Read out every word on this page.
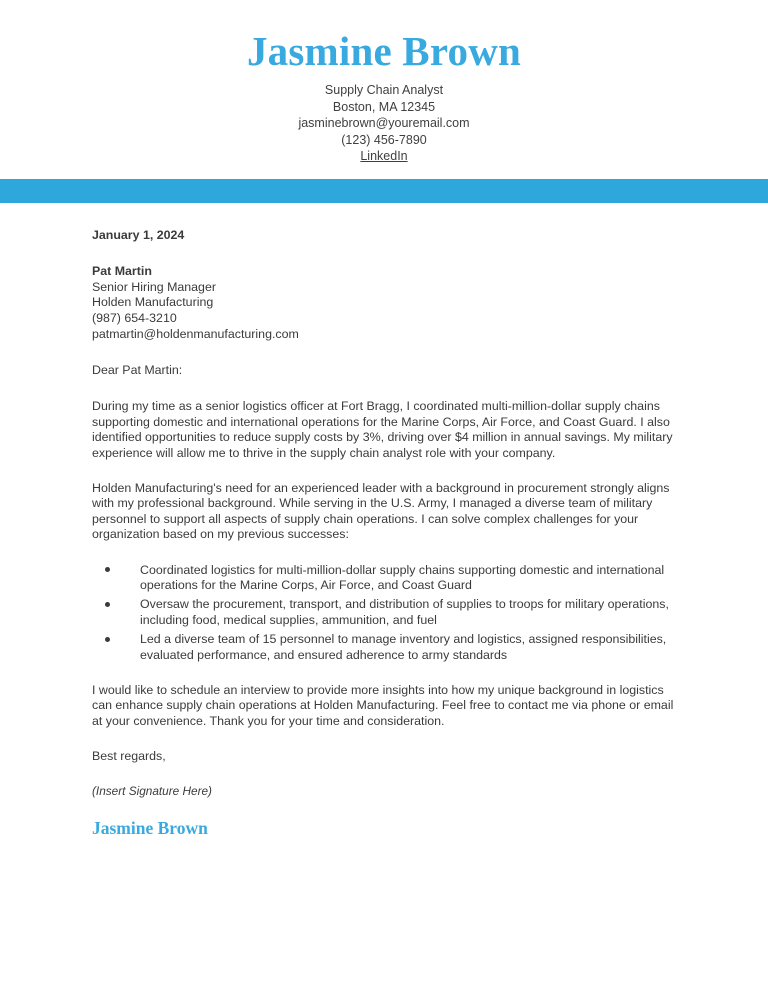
Jasmine Brown
Supply Chain Analyst
Boston, MA 12345
jasminebrown@youremail.com
(123) 456-7890
LinkedIn
January 1, 2024
Pat Martin
Senior Hiring Manager
Holden Manufacturing
(987) 654-3210
patmartin@holdenmanufacturing.com
Dear Pat Martin:

During my time as a senior logistics officer at Fort Bragg, I coordinated multi-million-dollar supply chains supporting domestic and international operations for the Marine Corps, Air Force, and Coast Guard. I also identified opportunities to reduce supply costs by 3%, driving over $4 million in annual savings. My military experience will allow me to thrive in the supply chain analyst role with your company.

Holden Manufacturing's need for an experienced leader with a background in procurement strongly aligns with my professional background. While serving in the U.S. Army, I managed a diverse team of military personnel to support all aspects of supply chain operations. I can solve complex challenges for your organization based on my previous successes:

Coordinated logistics for multi-million-dollar supply chains supporting domestic and international operations for the Marine Corps, Air Force, and Coast Guard
Oversaw the procurement, transport, and distribution of supplies to troops for military operations, including food, medical supplies, ammunition, and fuel
Led a diverse team of 15 personnel to manage inventory and logistics, assigned responsibilities, evaluated performance, and ensured adherence to army standards

I would like to schedule an interview to provide more insights into how my unique background in logistics can enhance supply chain operations at Holden Manufacturing. Feel free to contact me via phone or email at your convenience. Thank you for your time and consideration.

Best regards,

(Insert Signature Here)

Jasmine Brown
